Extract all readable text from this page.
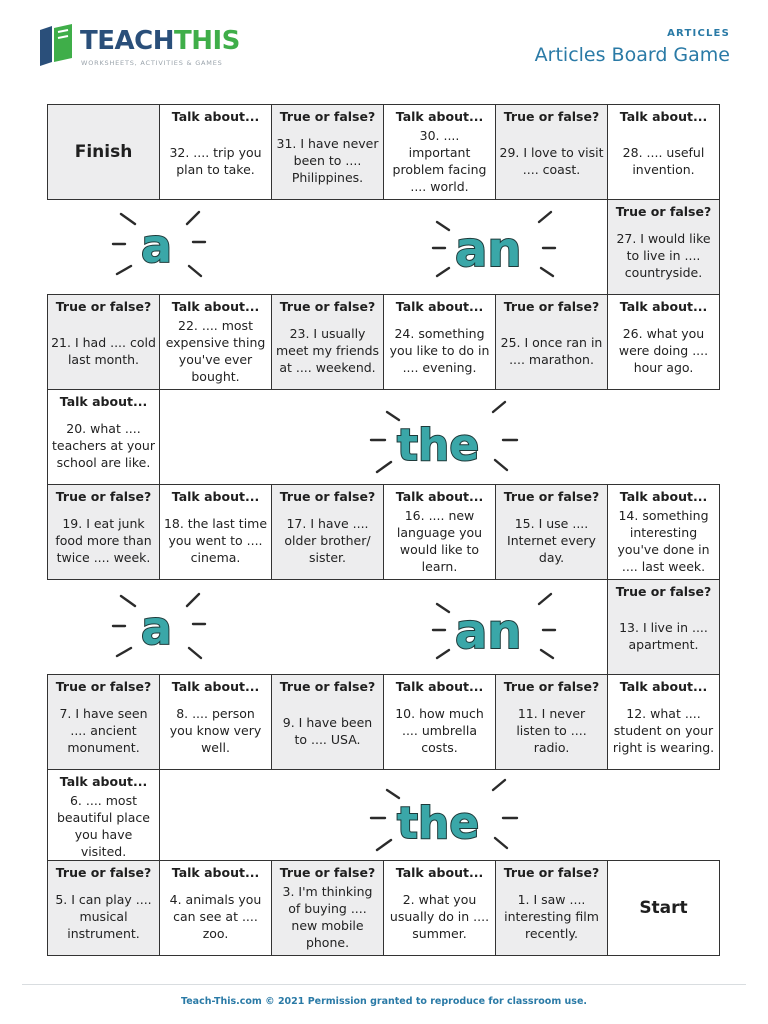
TEACHTHIS
WORKSHEETS, ACTIVITIES & GAMES
ARTICLES
Articles Board Game
Finish
Talk about...
32. .... trip you plan to take.
True or false?
31. I have never been to .... Philippines.
Talk about...
30. .... important problem facing .... world.
True or false?
29. I love to visit .... coast.
Talk about...
28. .... useful invention.
True or false?
27. I would like to live in .... countryside.
True or false?
21. I had .... cold last month.
Talk about...
22. .... most expensive thing you've ever bought.
True or false?
23. I usually meet my friends at .... weekend.
Talk about...
24. something you like to do in .... evening.
True or false?
25. I once ran in .... marathon.
Talk about...
26. what you were doing .... hour ago.
Talk about...
20. what .... teachers at your school are like.
True or false?
19. I eat junk food more than twice .... week.
Talk about...
18. the last time you went to .... cinema.
True or false?
17. I have .... older brother/ sister.
Talk about...
16. .... new language you would like to learn.
True or false?
15. I use .... Internet every day.
Talk about...
14. something interesting you've done in .... last week.
True or false?
13. I live in .... apartment.
True or false?
7. I have seen .... ancient monument.
Talk about...
8. .... person you know very well.
True or false?
9. I have been to .... USA.
Talk about...
10. how much .... umbrella costs.
True or false?
11. I never listen to .... radio.
Talk about...
12. what .... student on your right is wearing.
Talk about...
6. .... most beautiful place you have visited.
True or false?
5. I can play .... musical instrument.
Talk about...
4. animals you can see at .... zoo.
True or false?
3. I'm thinking of buying .... new mobile phone.
Talk about...
2. what you usually do in .... summer.
True or false?
1. I saw .... interesting film recently.
Start
a	an
the
a	an
the
Teach-This.com © 2021 Permission granted to reproduce for classroom use.
